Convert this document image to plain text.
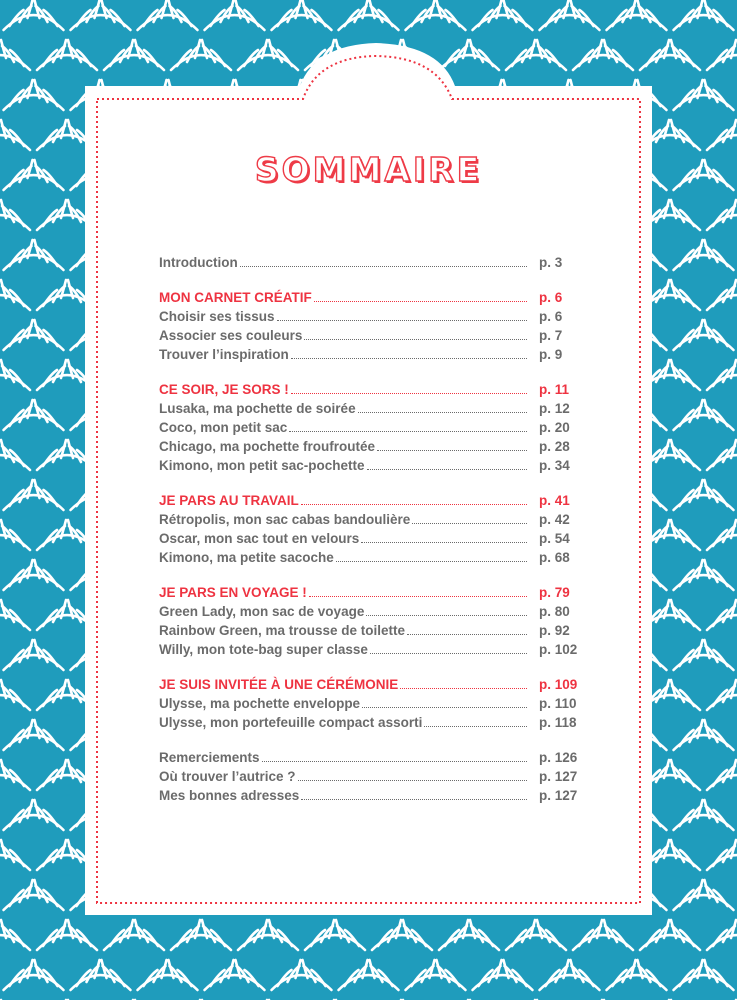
SOMMAIRE
Introduction	p. 3
MON CARNET CRÉATIF	p. 6
Choisir ses tissus	p. 6
Associer ses couleurs	p. 7
Trouver l’inspiration	p. 9
CE SOIR, JE SORS !	p. 11
Lusaka, ma pochette de soirée	p. 12
Coco, mon petit sac	p. 20
Chicago, ma pochette froufroutée	p. 28
Kimono, mon petit sac-pochette	p. 34
JE PARS AU TRAVAIL	p. 41
Rétropolis, mon sac cabas bandoulière	p. 42
Oscar, mon sac tout en velours	p. 54
Kimono, ma petite sacoche	p. 68
JE PARS EN VOYAGE !	p. 79
Green Lady, mon sac de voyage	p. 80
Rainbow Green, ma trousse de toilette	p. 92
Willy, mon tote-bag super classe	p. 102
JE SUIS INVITÉE À UNE CÉRÉMONIE	p. 109
Ulysse, ma pochette enveloppe	p. 110
Ulysse, mon portefeuille compact assorti	p. 118
Remerciements	p. 126
Où trouver l’autrice ?	p. 127
Mes bonnes adresses	p. 127
